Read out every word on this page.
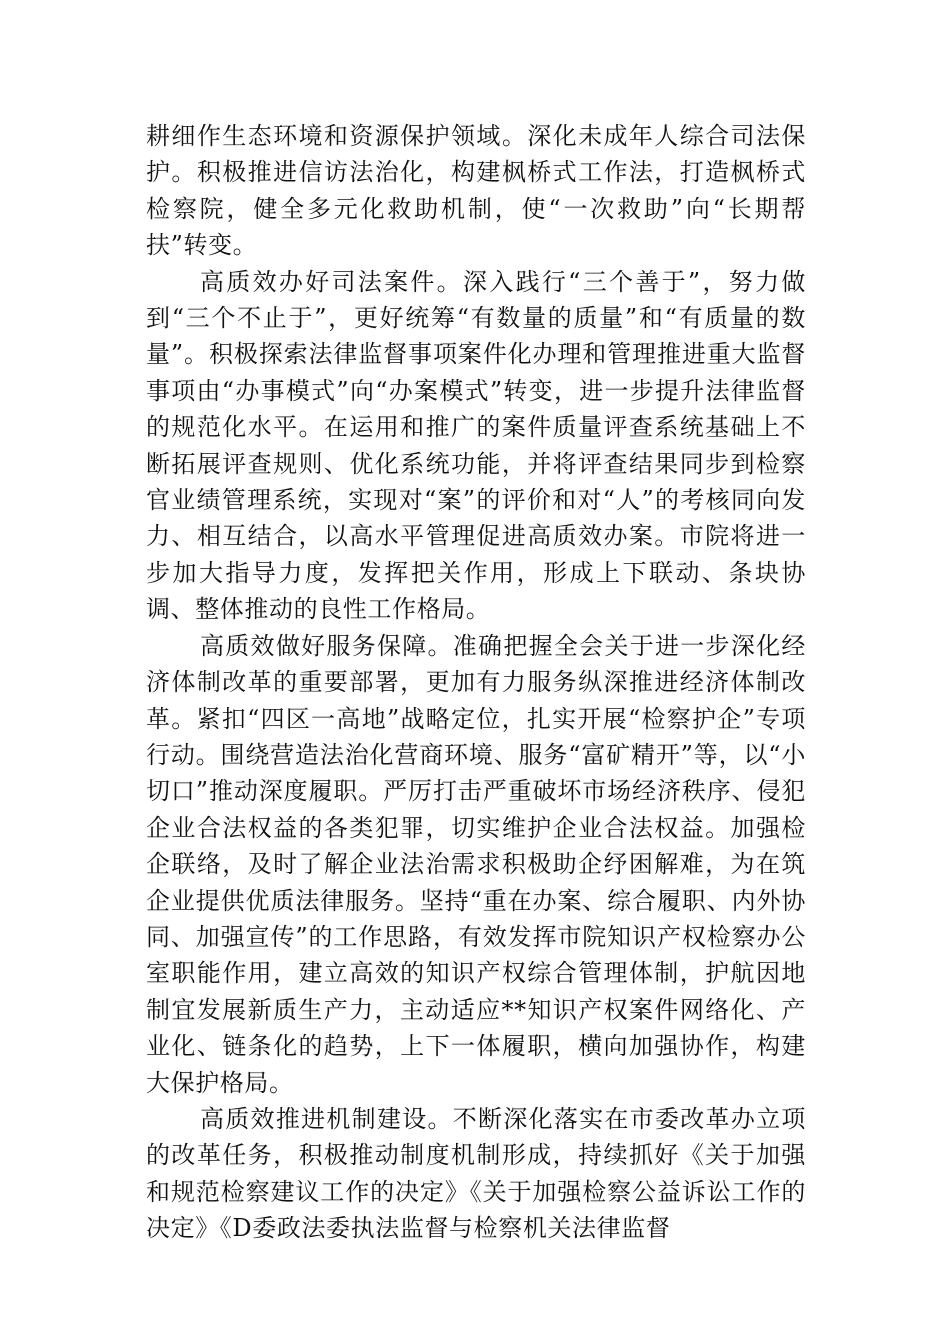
耕细作生态环境和资源保护领域。深化未成年人综合司法保护。积极推进信访法治化，构建枫桥式工作法，打造枫桥式检察院，健全多元化救助机制，使“一次救助”向“长期帮扶”转变。

高质效办好司法案件。深入践行“三个善于”，努力做到“三个不止于”，更好统筹“有数量的质量”和“有质量的数量”。积极探索法律监督事项案件化办理和管理推进重大监督事项由“办事模式”向“办案模式”转变，进一步提升法律监督的规范化水平。在运用和推广的案件质量评查系统基础上不断拓展评查规则、优化系统功能，并将评查结果同步到检察官业绩管理系统，实现对“案”的评价和对“人”的考核同向发力、相互结合，以高水平管理促进高质效办案。市院将进一步加大指导力度，发挥把关作用，形成上下联动、条块协调、整体推动的良性工作格局。

高质效做好服务保障。准确把握全会关于进一步深化经济体制改革的重要部署，更加有力服务纵深推进经济体制改革。紧扣“四区一高地”战略定位，扎实开展“检察护企”专项行动。围绕营造法治化营商环境、服务“富矿精开”等，以“小切口”推动深度履职。严厉打击严重破坏市场经济秩序、侵犯企业合法权益的各类犯罪，切实维护企业合法权益。加强检企联络，及时了解企业法治需求积极助企纾困解难，为在筑企业提供优质法律服务。坚持“重在办案、综合履职、内外协同、加强宣传”的工作思路，有效发挥市院知识产权检察办公室职能作用，建立高效的知识产权综合管理体制，护航因地制宜发展新质生产力，主动适应**知识产权案件网络化、产业化、链条化的趋势，上下一体履职，横向加强协作，构建大保护格局。

高质效推进机制建设。不断深化落实在市委改革办立项的改革任务，积极推动制度机制形成，持续抓好《关于加强和规范检察建议工作的决定》《关于加强检察公益诉讼工作的决定》《D委政法委执法监督与检察机关法律监督
